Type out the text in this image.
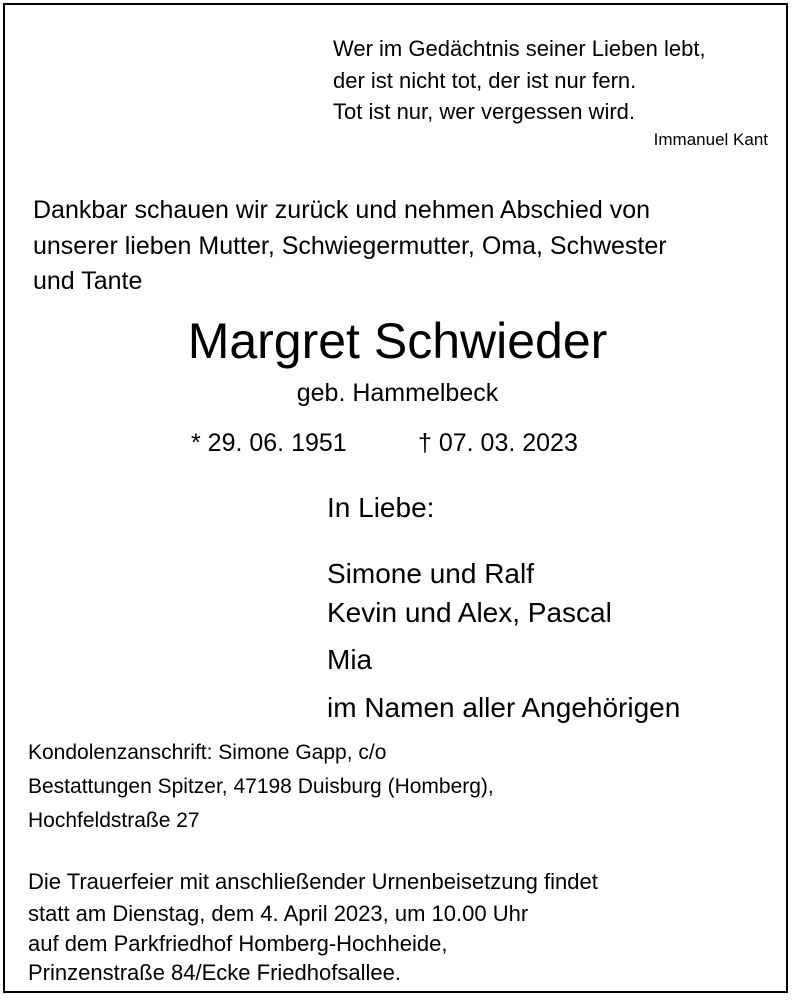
Wer im Gedächtnis seiner Lieben lebt,
der ist nicht tot, der ist nur fern.
Tot ist nur, wer vergessen wird.
Immanuel Kant
Dankbar schauen wir zurück und nehmen Abschied von
unserer lieben Mutter, Schwiegermutter, Oma, Schwester
und Tante
Margret Schwieder
geb. Hammelbeck
* 29. 06. 1951	† 07. 03. 2023
In Liebe:
Simone und Ralf
Kevin und Alex, Pascal
Mia
im Namen aller Angehörigen
Kondolenzanschrift: Simone Gapp, c/o
Bestattungen Spitzer, 47198 Duisburg (Homberg),
Hochfeldstraße 27
Die Trauerfeier mit anschließender Urnenbeisetzung findet
statt am Dienstag, dem 4. April 2023, um 10.00 Uhr
auf dem Parkfriedhof Homberg-Hochheide,
Prinzenstraße 84/Ecke Friedhofsallee.
